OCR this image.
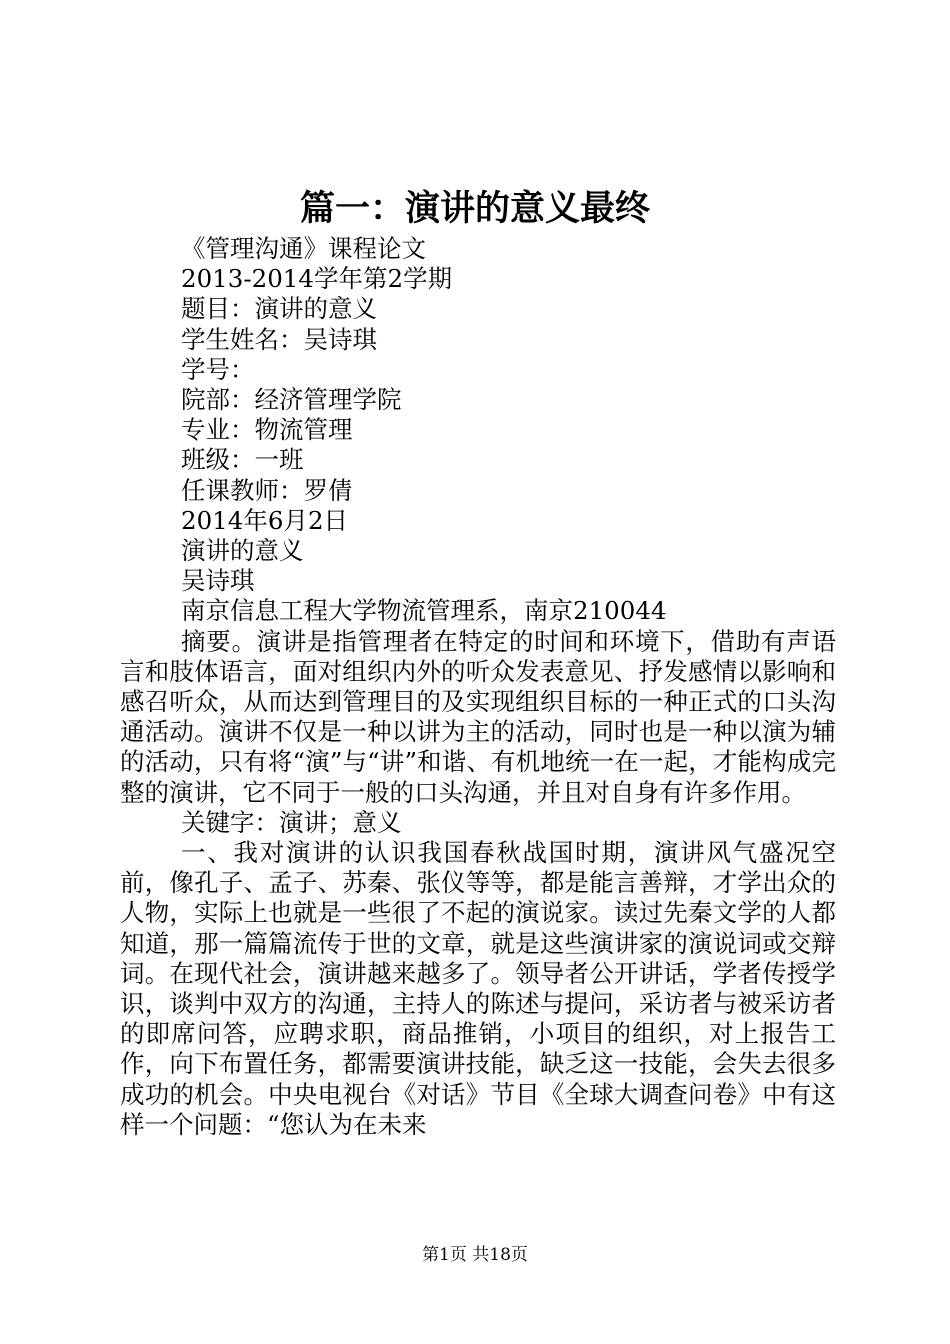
篇一：演讲的意义最终

《管理沟通》课程论文

2013-2014学年第2学期

题目：演讲的意义

学生姓名：吴诗琪

学号：

院部：经济管理学院

专业：物流管理

班级：一班

任课教师：罗倩

2014年6月2日

演讲的意义

吴诗琪

南京信息工程大学物流管理系，南京210044

摘要。演讲是指管理者在特定的时间和环境下，借助有声语言和肢体语言，面对组织内外的听众发表意见、抒发感情以影响和感召听众，从而达到管理目的及实现组织目标的一种正式的口头沟通活动。演讲不仅是一种以讲为主的活动，同时也是一种以演为辅的活动，只有将“演”与“讲”和谐、有机地统一在一起，才能构成完整的演讲，它不同于一般的口头沟通，并且对自身有许多作用。

关键字：演讲；意义

一、我对演讲的认识我国春秋战国时期，演讲风气盛况空前，像孔子、孟子、苏秦、张仪等等，都是能言善辩，才学出众的人物，实际上也就是一些很了不起的演说家。读过先秦文学的人都知道，那一篇篇流传于世的文章，就是这些演讲家的演说词或交辩词。在现代社会，演讲越来越多了。领导者公开讲话，学者传授学识，谈判中双方的沟通，主持人的陈述与提问，采访者与被采访者的即席问答，应聘求职，商品推销，小项目的组织，对上报告工作，向下布置任务，都需要演讲技能，缺乏这一技能，会失去很多成功的机会。中央电视台《对话》节目《全球大调查问卷》中有这样一个问题：“您认为在未来

第1页 共18页
